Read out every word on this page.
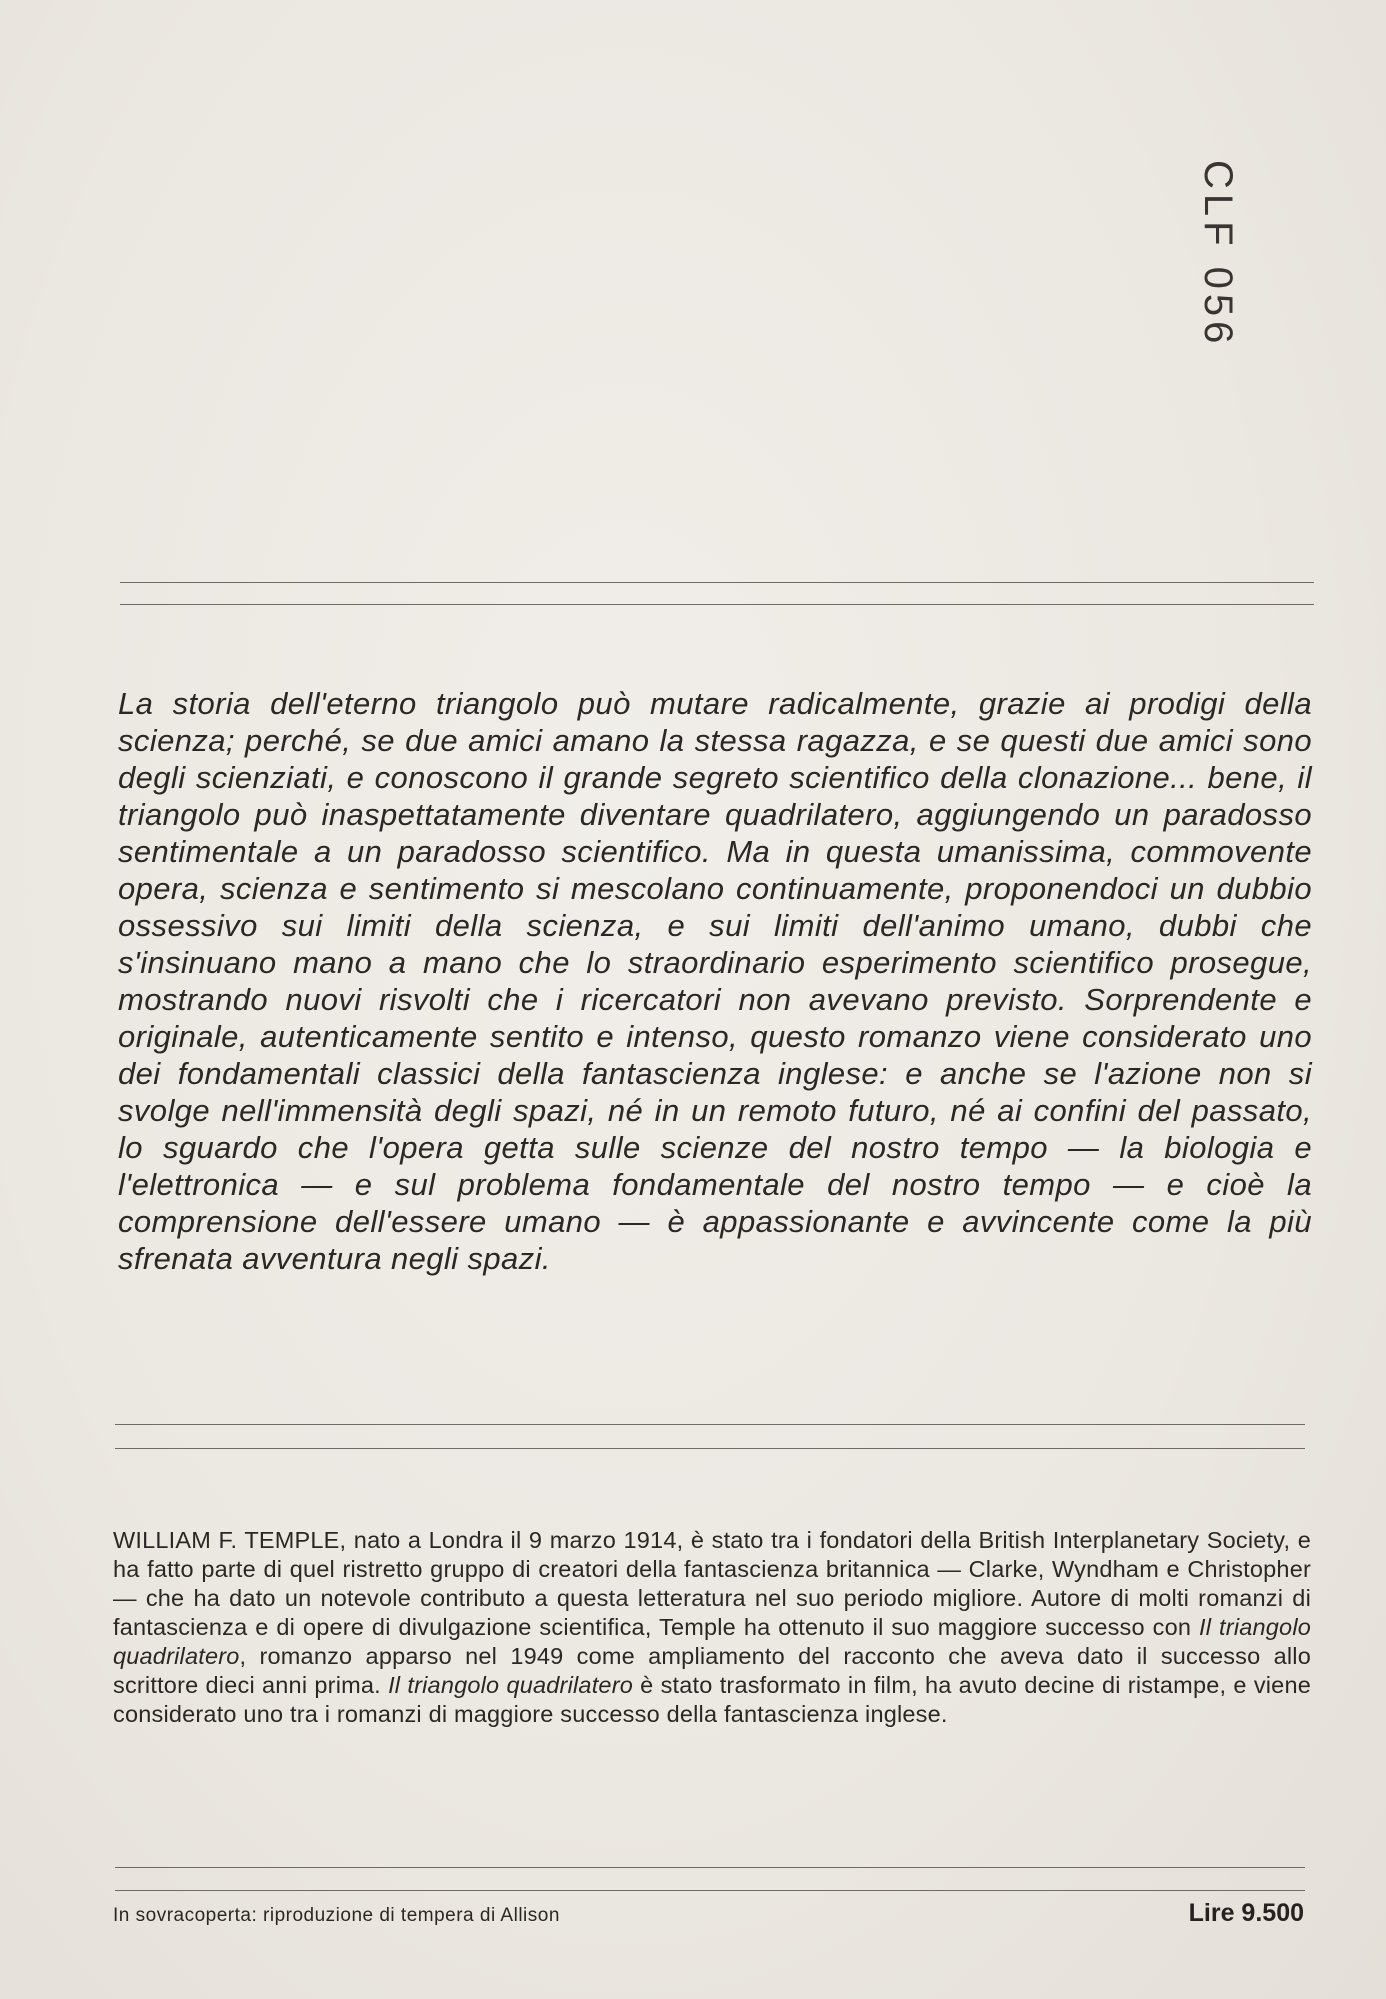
CLF 056

La storia dell'eterno triangolo può mutare radicalmente, grazie ai prodigi della scienza; perché, se due amici amano la stessa ragazza, e se questi due amici sono degli scienziati, e conoscono il grande segreto scientifico della clonazione... bene, il triangolo può inaspettatamente diventare quadrilatero, aggiungendo un paradosso sentimentale a un paradosso scientifico. Ma in questa umanissima, commovente opera, scienza e sentimento si mescolano continuamente, proponendoci un dubbio ossessivo sui limiti della scienza, e sui limiti dell'animo umano, dubbi che s'insinuano mano a mano che lo straordinario esperimento scientifico prosegue, mostrando nuovi risvolti che i ricercatori non avevano previsto. Sorprendente e originale, autenticamente sentito e intenso, questo romanzo viene considerato uno dei fondamentali classici della fantascienza inglese: e anche se l'azione non si svolge nell'immensità degli spazi, né in un remoto futuro, né ai confini del passato, lo sguardo che l'opera getta sulle scienze del nostro tempo — la biologia e l'elettronica — e sul problema fondamentale del nostro tempo — e cioè la comprensione dell'essere umano — è appassionante e avvincente come la più sfrenata avventura negli spazi.

WILLIAM F. TEMPLE, nato a Londra il 9 marzo 1914, è stato tra i fondatori della British Interplanetary Society, e ha fatto parte di quel ristretto gruppo di creatori della fantascienza britannica — Clarke, Wyndham e Christopher — che ha dato un notevole contributo a questa letteratura nel suo periodo migliore. Autore di molti romanzi di fantascienza e di opere di divulgazione scientifica, Temple ha ottenuto il suo maggiore successo con Il triangolo quadrilatero, romanzo apparso nel 1949 come ampliamento del racconto che aveva dato il successo allo scrittore dieci anni prima. Il triangolo quadrilatero è stato trasformato in film, ha avuto decine di ristampe, e viene considerato uno tra i romanzi di maggiore successo della fantascienza inglese.

In sovracoperta: riproduzione di tempera di Allison	Lire 9.500
